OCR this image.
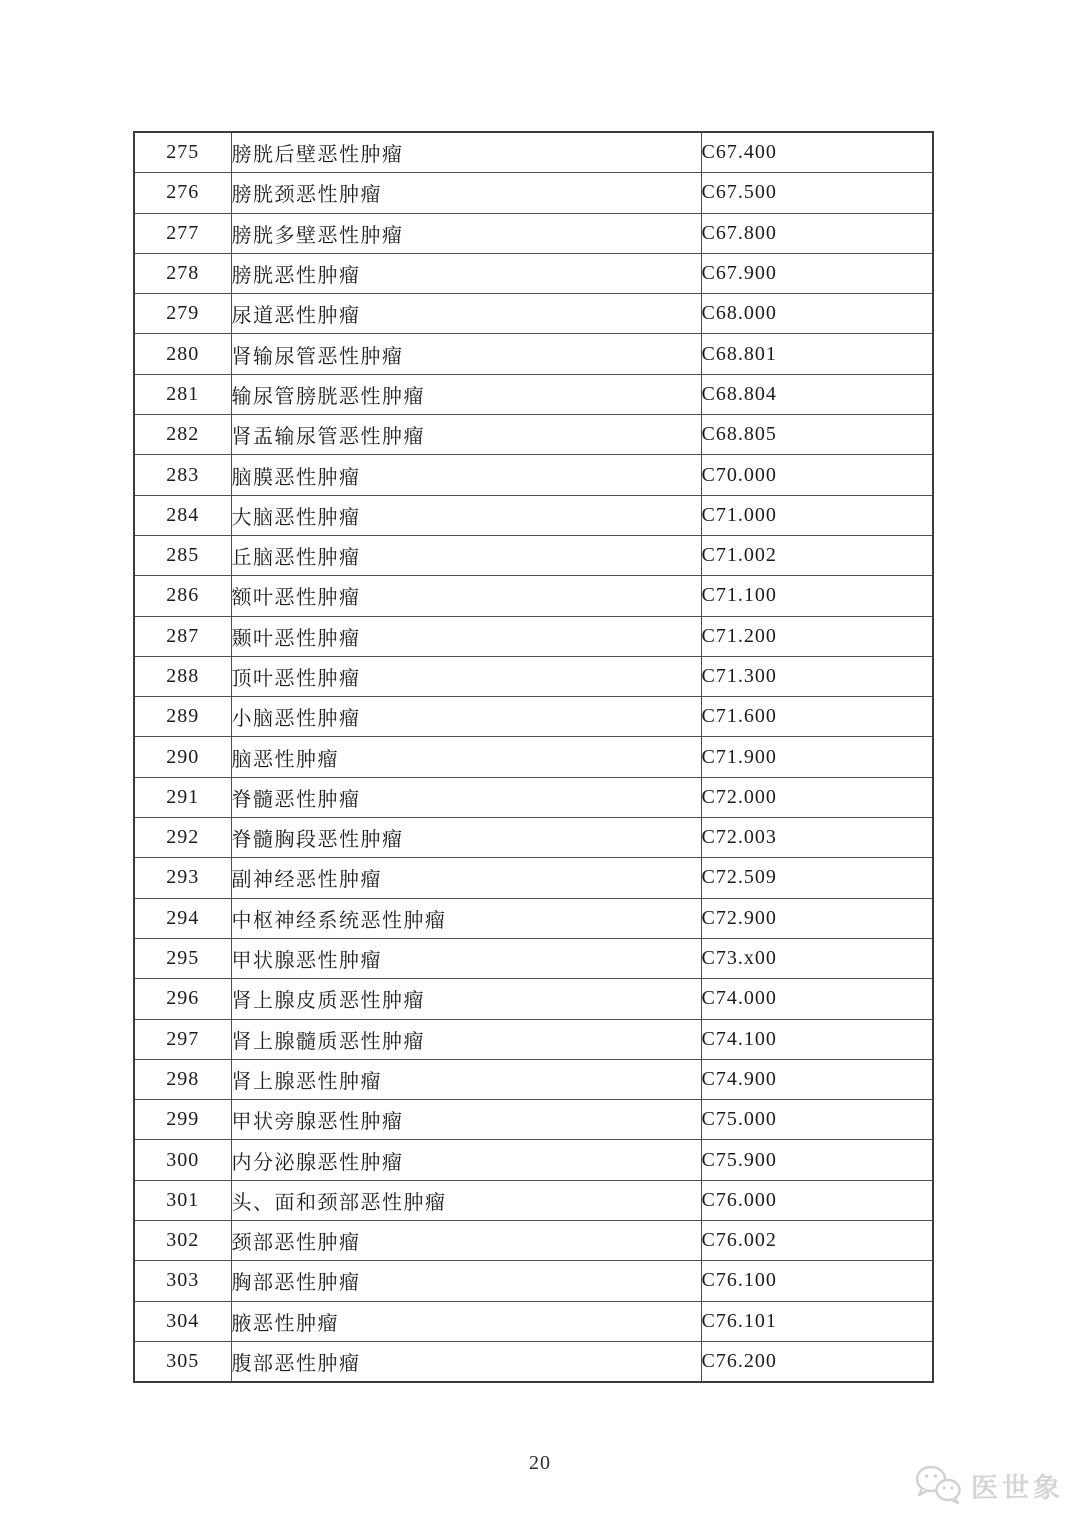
275	膀胱后壁恶性肿瘤	C67.400
276	膀胱颈恶性肿瘤	C67.500
277	膀胱多壁恶性肿瘤	C67.800
278	膀胱恶性肿瘤	C67.900
279	尿道恶性肿瘤	C68.000
280	肾输尿管恶性肿瘤	C68.801
281	输尿管膀胱恶性肿瘤	C68.804
282	肾盂输尿管恶性肿瘤	C68.805
283	脑膜恶性肿瘤	C70.000
284	大脑恶性肿瘤	C71.000
285	丘脑恶性肿瘤	C71.002
286	额叶恶性肿瘤	C71.100
287	颞叶恶性肿瘤	C71.200
288	顶叶恶性肿瘤	C71.300
289	小脑恶性肿瘤	C71.600
290	脑恶性肿瘤	C71.900
291	脊髓恶性肿瘤	C72.000
292	脊髓胸段恶性肿瘤	C72.003
293	副神经恶性肿瘤	C72.509
294	中枢神经系统恶性肿瘤	C72.900
295	甲状腺恶性肿瘤	C73.x00
296	肾上腺皮质恶性肿瘤	C74.000
297	肾上腺髓质恶性肿瘤	C74.100
298	肾上腺恶性肿瘤	C74.900
299	甲状旁腺恶性肿瘤	C75.000
300	内分泌腺恶性肿瘤	C75.900
301	头、面和颈部恶性肿瘤	C76.000
302	颈部恶性肿瘤	C76.002
303	胸部恶性肿瘤	C76.100
304	腋恶性肿瘤	C76.101
305	腹部恶性肿瘤	C76.200
20
医世象
